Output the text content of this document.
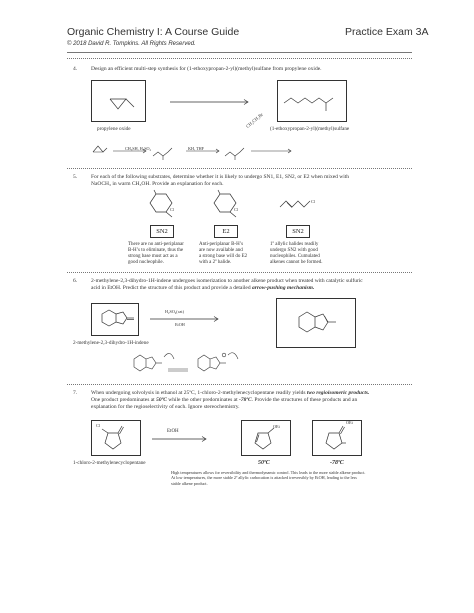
Organic Chemistry I: A Course Guide	Practice Exam 3A
© 2018 David R. Tompkins. All Rights Reserved.
4.	Design an efficient multi-step synthesis for (1-ethoxypropan-2-yl)(methyl)sulfane from propylene oxide.
propylene oxide	(1-ethoxypropan-2-yl)(methyl)sulfane
CH₃CH₂Br
CH₃SH, H₂SO₄	KH, THF
5.	For each of the following substrates, determine whether it is likely to undergo SN1, E1, SN2, or E2 when mixed with
NaOCH₃ in warm CH₃OH. Provide an explanation for each.
Cl	Cl
Cl
SN2	E2	SN2
There are no anti-periplanar
B-H’s to eliminate, thus the
strong base must act as a
good nucleophile.
Anti-periplanar B-H’s
are now available and
a strong base will do E2
with a 2º halide.
1º allylic halides readily
undergo SN2 with good
nucleophiles. Cumulated
alkenes cannot be formed.
6.	2-methylene-2,3-dihydro-1H-indene undergoes isomerization to another alkene product when treated with catalytic sulfuric
acid in EtOH. Predict the structure of this product and provide a detailed arrow-pushing mechanism.
2-methylene-2,3-dihydro-1H-indene
H₂SO₄(cat)
EtOH
7.	When undergoing solvolysis in ethanol at 25ºC, 1-chloro-2-methylenecyclopentane readily yields two regioisomeric products.
One product predominates at 50ºC while the other predominates at -78ºC. Provide the structures of these products and an
explanation for the regioselectivity of each. Ignore stereochemistry.
Cl
1-chloro-2-methylenecyclopentane
EtOH
OEt
50ºC
OEt
-78ºC
High temperatures allows for reversibility and thermodynamic control. This leads to the more stable alkene product.
At low temperatures, the more stable 2º allylic carbocation is attacked irreversibly by EtOH, leading to the less
stable alkene product.
